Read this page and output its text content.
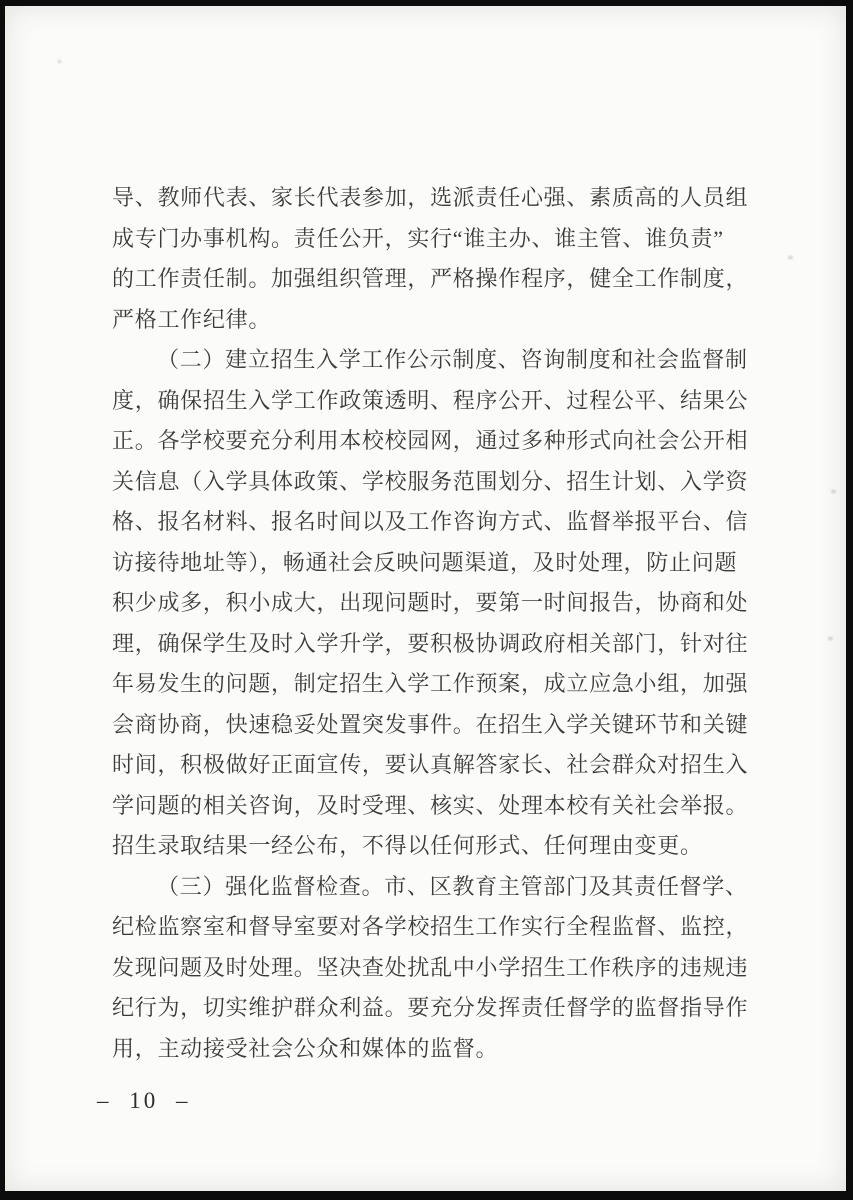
导、教师代表、家长代表参加，选派责任心强、素质高的人员组
成专门办事机构。责任公开，实行“谁主办、谁主管、谁负责”
的工作责任制。加强组织管理，严格操作程序，健全工作制度，
严格工作纪律。
（二）建立招生入学工作公示制度、咨询制度和社会监督制
度，确保招生入学工作政策透明、程序公开、过程公平、结果公
正。各学校要充分利用本校校园网，通过多种形式向社会公开相
关信息（入学具体政策、学校服务范围划分、招生计划、入学资
格、报名材料、报名时间以及工作咨询方式、监督举报平台、信
访接待地址等），畅通社会反映问题渠道，及时处理，防止问题
积少成多，积小成大，出现问题时，要第一时间报告，协商和处
理，确保学生及时入学升学，要积极协调政府相关部门，针对往
年易发生的问题，制定招生入学工作预案，成立应急小组，加强
会商协商，快速稳妥处置突发事件。在招生入学关键环节和关键
时间，积极做好正面宣传，要认真解答家长、社会群众对招生入
学问题的相关咨询，及时受理、核实、处理本校有关社会举报。
招生录取结果一经公布，不得以任何形式、任何理由变更。
（三）强化监督检查。市、区教育主管部门及其责任督学、
纪检监察室和督导室要对各学校招生工作实行全程监督、监控，
发现问题及时处理。坚决查处扰乱中小学招生工作秩序的违规违
纪行为，切实维护群众利益。要充分发挥责任督学的监督指导作
用，主动接受社会公众和媒体的监督。
– 10 –
